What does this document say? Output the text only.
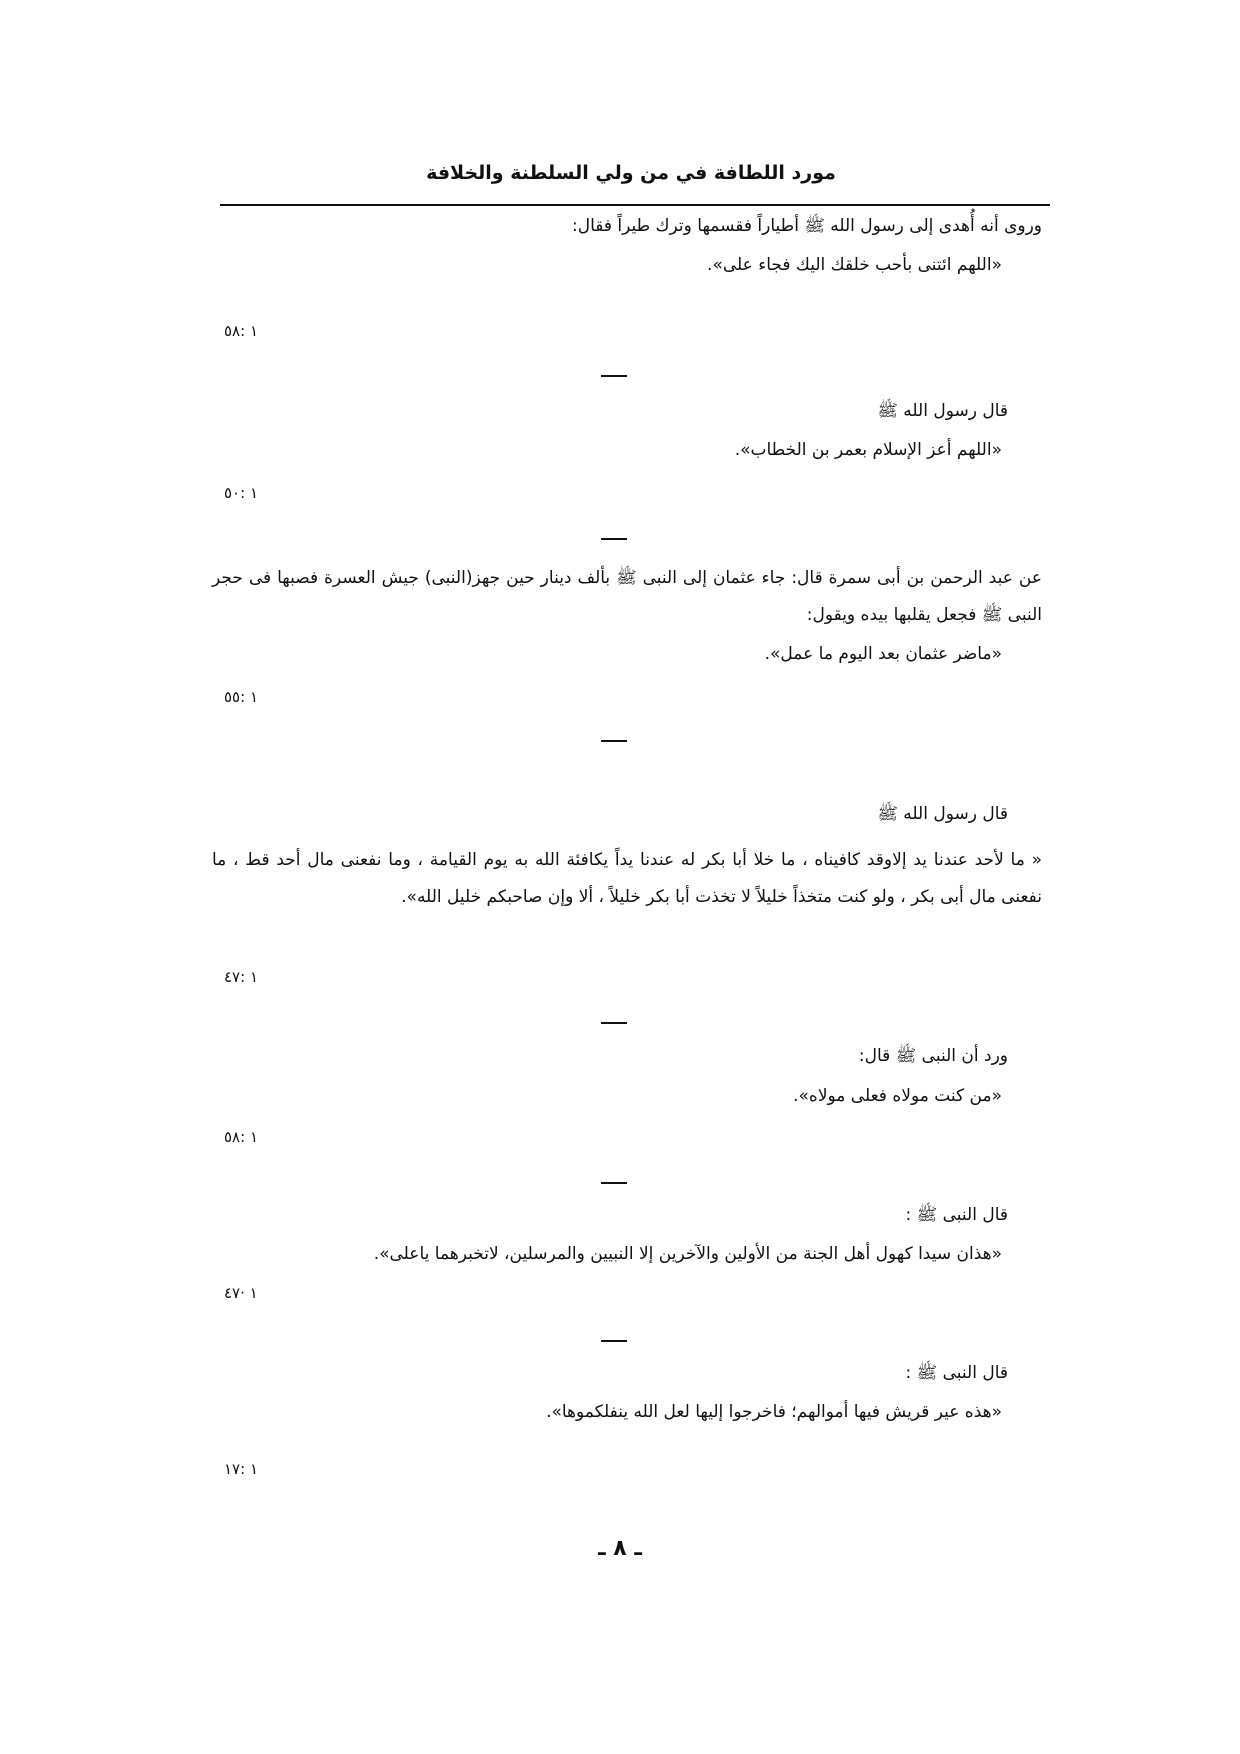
مورد اللطافة في من ولي السلطنة والخلافة
وروى أنه أُهدى إلى رسول الله ﷺ أطياراً فقسمها وترك طيراً فقال:
«اللهم ائتنى بأحب خلقك اليك فجاء على».
١ :٥٨
قال رسول الله ﷺ
«اللهم أعز الإسلام بعمر بن الخطاب».
١ :٥٠
عن عبد الرحمن بن أبى سمرة قال: جاء عثمان إلى النبى ﷺ بألف دينار حين جهز(النبى) جيش العسرة فصبها فى حجر النبى ﷺ فجعل يقلبها بيده ويقول:
«ماضر عثمان بعد اليوم ما عمل».
١ :٥٥
قال رسول الله ﷺ
« ما لأحد عندنا يد إلاوقد كافيناه ، ما خلا أبا بكر له عندنا يداً يكافئة الله به يوم القيامة ، وما نفعنى مال أحد قط ، ما نفعنى مال أبى بكر ، ولو كنت متخذاً خليلاً لا تخذت أبا بكر خليلاً ، ألا وإن صاحبكم خليل الله».
١ :٤٧
ورد أن النبى ﷺ قال:
«من كنت مولاه فعلى مولاه».
١ :٥٨
قال النبى ﷺ :
«هذان سيدا كهول أهل الجنة من الأولين والآخرين إلا النبيين والمرسلين، لاتخبرهما ياعلى».
١ ·٤٧
قال النبى ﷺ :
«هذه عير قريش فيها أموالهم؛ فاخرجوا إليها لعل الله ينفلكموها».
١ :١٧
ـ ٨ ـ
